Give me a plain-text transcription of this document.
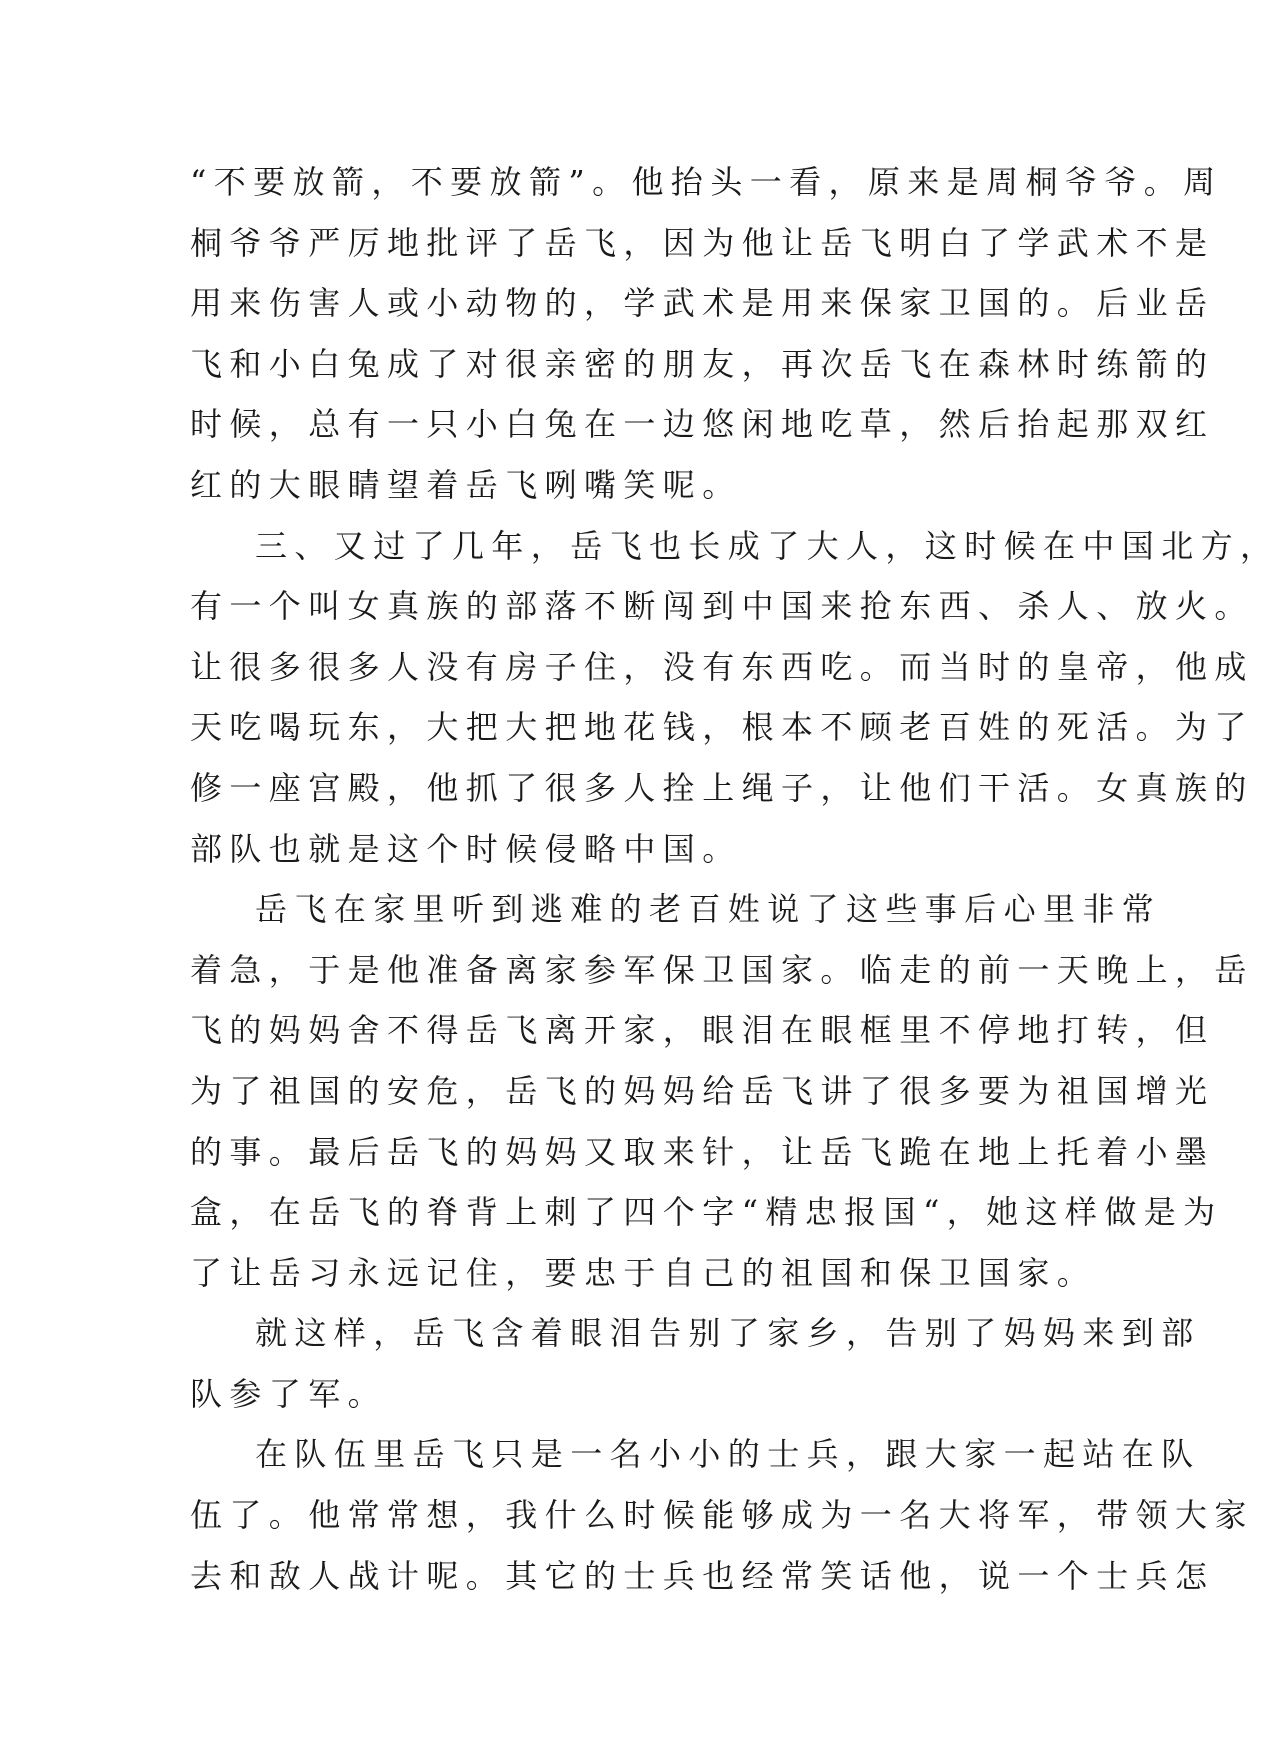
“不要放箭，不要放箭”。他抬头一看，原来是周桐爷爷。周
桐爷爷严厉地批评了岳飞，因为他让岳飞明白了学武术不是
用来伤害人或小动物的，学武术是用来保家卫国的。后业岳
飞和小白兔成了对很亲密的朋友，再次岳飞在森林时练箭的
时候，总有一只小白兔在一边悠闲地吃草，然后抬起那双红
红的大眼睛望着岳飞咧嘴笑呢。
三、又过了几年，岳飞也长成了大人，这时候在中国北方，
有一个叫女真族的部落不断闯到中国来抢东西、杀人、放火。
让很多很多人没有房子住，没有东西吃。而当时的皇帝，他成
天吃喝玩东，大把大把地花钱，根本不顾老百姓的死活。为了
修一座宫殿，他抓了很多人拴上绳子，让他们干活。女真族的
部队也就是这个时候侵略中国。
岳飞在家里听到逃难的老百姓说了这些事后心里非常
着急，于是他准备离家参军保卫国家。临走的前一天晚上，岳
飞的妈妈舍不得岳飞离开家，眼泪在眼框里不停地打转，但
为了祖国的安危，岳飞的妈妈给岳飞讲了很多要为祖国增光
的事。最后岳飞的妈妈又取来针，让岳飞跪在地上托着小墨
盒，在岳飞的脊背上刺了四个字“精忠报国“，她这样做是为
了让岳习永远记住，要忠于自己的祖国和保卫国家。
就这样，岳飞含着眼泪告别了家乡，告别了妈妈来到部
队参了军。
在队伍里岳飞只是一名小小的士兵，跟大家一起站在队
伍了。他常常想，我什么时候能够成为一名大将军，带领大家
去和敌人战计呢。其它的士兵也经常笑话他，说一个士兵怎
